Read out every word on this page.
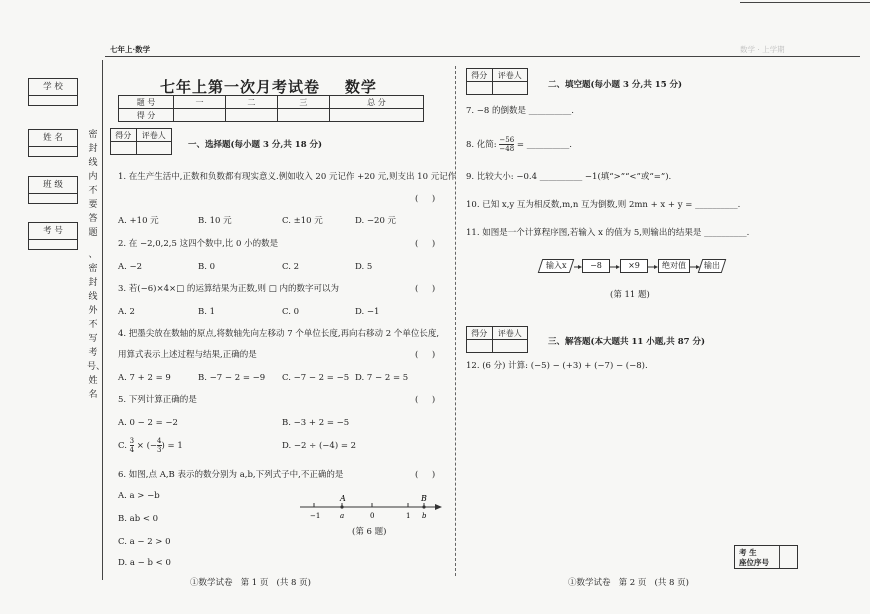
七年上·数学	数学 · 上学期
学 校
姓 名
班 级
考 号
密封线内不要答题
、密封线外不写考号、姓名
七年上第一次月考试卷    数学
题 号	一	二	三	总 分
得 分				
得分	评卷人

一、选择题(每小题 3 分,共 18 分)
1. 在生产生活中,正数和负数都有现实意义.例如收入 20 元记作 +20 元,则支出 10 元记作
(     )
A. +10 元	B. 10 元	C. ±10 元	D. −20 元
2. 在 −2,0,2,5 这四个数中,比 0 小的数是	(     )
A. −2	B. 0	C. 2	D. 5
3. 若(−6)×4×□ 的运算结果为正数,则 □ 内的数字可以为	(     )
A. 2	B. 1	C. 0	D. −1
4. 把墨尖放在数轴的原点,将数轴先向左移动 7 个单位长度,再向右移动 2 个单位长度,
用算式表示上述过程与结果,正确的是	(     )
A. 7 + 2 = 9	B. −7 − 2 = −9 C. −7 − 2 = −5 D. 7 − 2 = 5
5. 下列计算正确的是	(     )
A. 0 − 2 = −2	B. −3 + 2 = −5
C. $\frac{3}{4}$ × (− $\frac{4}{3}) = 1$	D. −2 ÷ (−4) = 2
6. 如图,点 A,B 表示的数分别为 a,b,下列式子中,不正确的是	(     )
A. a > −b
B. ab < 0
C. a − 2 > 0
D. a − b < 0
A	B
−1	a	0	1 b
(第 6 题)
得分	评卷人

二、填空题(每小题 3 分,共 15 分)
7. −8 的倒数是 __________.
8. 化简: $\frac{-56}{-48}$ = __________.
9. 比较大小: −0.4 __________ −1(填“>”“<”或“=”).
10. 已知 x,y 互为相反数,m,n 互为倒数,则 2mn + x + y = __________.
11. 如图是一个计算程序图,若输入 x 的值为 5,则输出的结果是 __________.
输入x	−8	×9	绝对值	输出
(第 11 题)
得分	评卷人

三、解答题(本大题共 11 小题,共 87 分)
12. (6 分) 计算: (−5) − (+3) + (−7) − (−8).
考 生
座位序号
①数学试卷   第 1 页   (共 8 页)	①数学试卷   第 2 页   (共 8 页)
